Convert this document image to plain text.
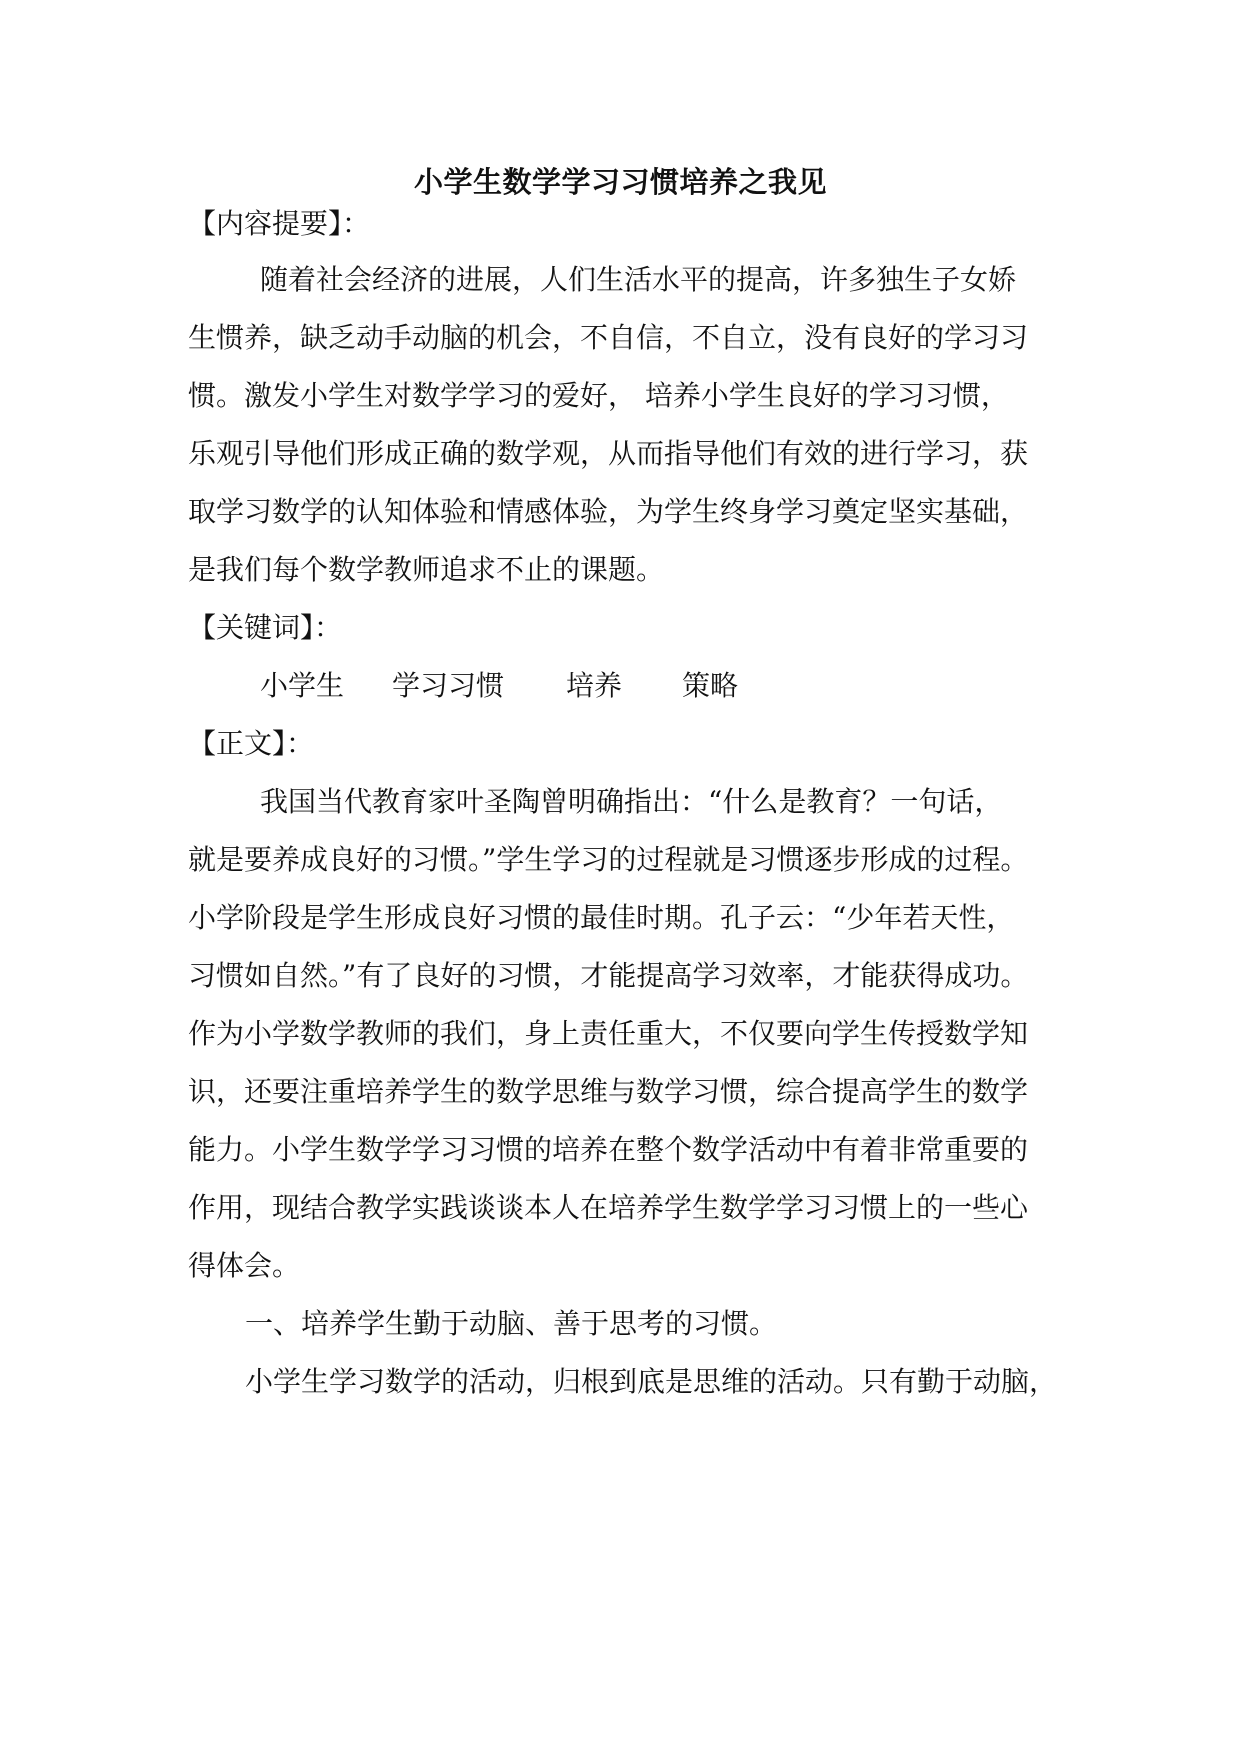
小学生数学学习习惯培养之我见
【内容提要】：
随着社会经济的进展，人们生活水平的提高，许多独生子女娇
生惯养，缺乏动手动脑的机会，不自信，不自立，没有良好的学习习
惯。激发小学生对数学学习的爱好， 培养小学生良好的学习习惯，
乐观引导他们形成正确的数学观，从而指导他们有效的进行学习，获
取学习数学的认知体验和情感体验，为学生终身学习奠定坚实基础，
是我们每个数学教师追求不止的课题。
【关键词】：
小学生	学习习惯	培养	策略
【正文】：
我国当代教育家叶圣陶曾明确指出：“什么是教育？一句话，
就是要养成良好的习惯。”学生学习的过程就是习惯逐步形成的过程。
小学阶段是学生形成良好习惯的最佳时期。孔子云：“少年若天性，
习惯如自然。”有了良好的习惯，才能提高学习效率，才能获得成功。
作为小学数学教师的我们，身上责任重大，不仅要向学生传授数学知
识，还要注重培养学生的数学思维与数学习惯，综合提高学生的数学
能力。小学生数学学习习惯的培养在整个数学活动中有着非常重要的
作用，现结合教学实践谈谈本人在培养学生数学学习习惯上的一些心
得体会。
一、培养学生勤于动脑、善于思考的习惯。
小学生学习数学的活动，归根到底是思维的活动。只有勤于动脑，
